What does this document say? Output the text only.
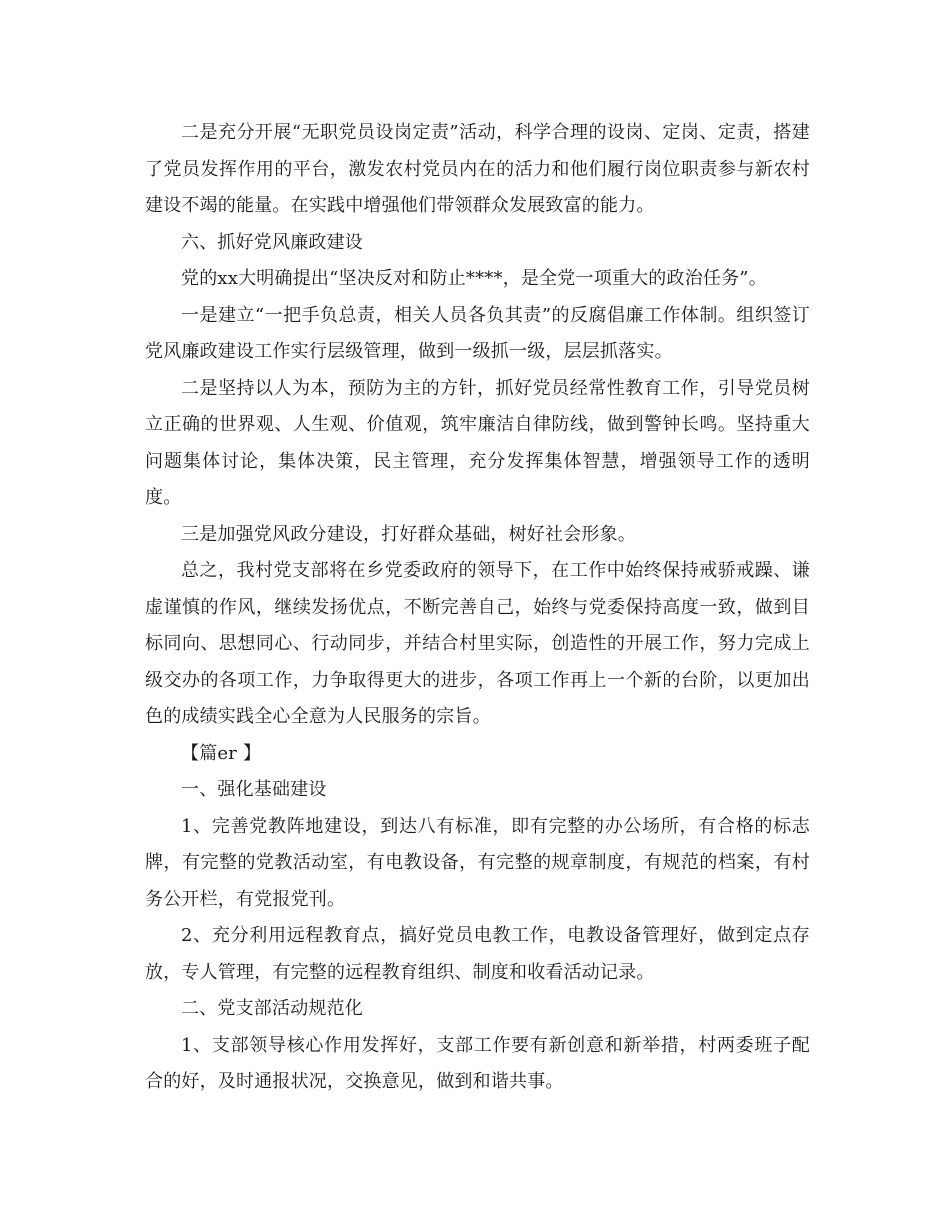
二是充分开展“无职党员设岗定责”活动，科学合理的设岗、定岗、定责，搭建了党员发挥作用的平台，激发农村党员内在的活力和他们履行岗位职责参与新农村建设不竭的能量。在实践中增强他们带领群众发展致富的能力。

六、抓好党风廉政建设

党的xx大明确提出“坚决反对和防止****，是全党一项重大的政治任务”。

一是建立“一把手负总责，相关人员各负其责”的反腐倡廉工作体制。组织签订党风廉政建设工作实行层级管理，做到一级抓一级，层层抓落实。

二是坚持以人为本，预防为主的方针，抓好党员经常性教育工作，引导党员树立正确的世界观、人生观、价值观，筑牢廉洁自律防线，做到警钟长鸣。坚持重大问题集体讨论，集体决策，民主管理，充分发挥集体智慧，增强领导工作的透明度。

三是加强党风政分建设，打好群众基础，树好社会形象。

总之，我村党支部将在乡党委政府的领导下，在工作中始终保持戒骄戒躁、谦虚谨慎的作风，继续发扬优点，不断完善自己，始终与党委保持高度一致，做到目标同向、思想同心、行动同步，并结合村里实际，创造性的开展工作，努力完成上级交办的各项工作，力争取得更大的进步，各项工作再上一个新的台阶，以更加出色的成绩实践全心全意为人民服务的宗旨。

【篇er 】

一、强化基础建设

1、完善党教阵地建设，到达八有标准，即有完整的办公场所，有合格的标志牌，有完整的党教活动室，有电教设备，有完整的规章制度，有规范的档案，有村务公开栏，有党报党刊。

2、充分利用远程教育点，搞好党员电教工作，电教设备管理好，做到定点存放，专人管理，有完整的远程教育组织、制度和收看活动记录。

二、党支部活动规范化

1、支部领导核心作用发挥好，支部工作要有新创意和新举措，村两委班子配合的好，及时通报状况，交换意见，做到和谐共事。
